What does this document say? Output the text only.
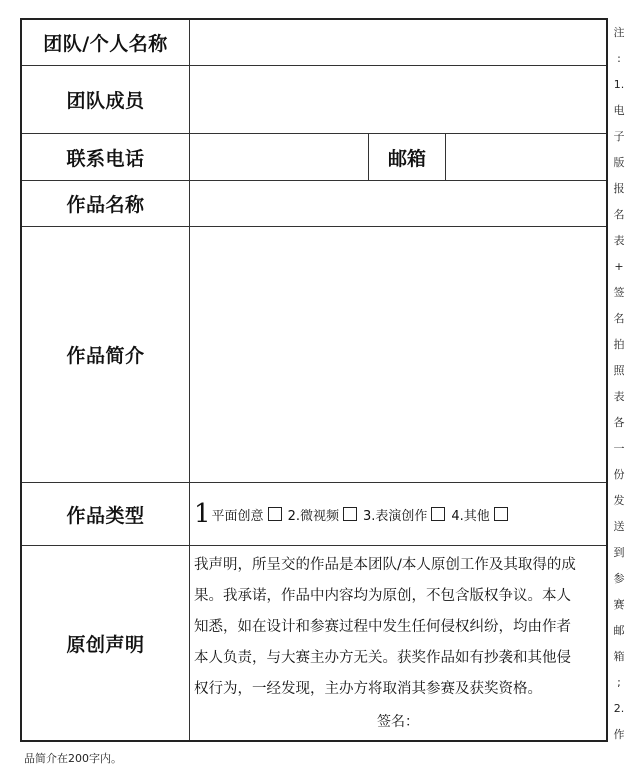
团队/个人名称
团队成员
联系电话	邮箱
作品名称
作品简介
作品类型	1 平面创意 2.微视频 3.表演创作 4.其他
原创声明
我声明，所呈交的作品是本团队/本人原创工作及其取得的成
果。我承诺，作品中内容均为原创，不包含版权争议。本人
知悉，如在设计和参赛过程中发生任何侵权纠纷，均由作者
本人负责，与大赛主办方无关。获奖作品如有抄袭和其他侵
权行为，一经发现，主办方将取消其参赛及获奖资格。
签名：
注
:
1.
电
子
版
报
名
表
+
签
名
拍
照
表
各
一
份
发
送
到
参
赛
邮
箱
;
2.
作
品简介在200字内。
